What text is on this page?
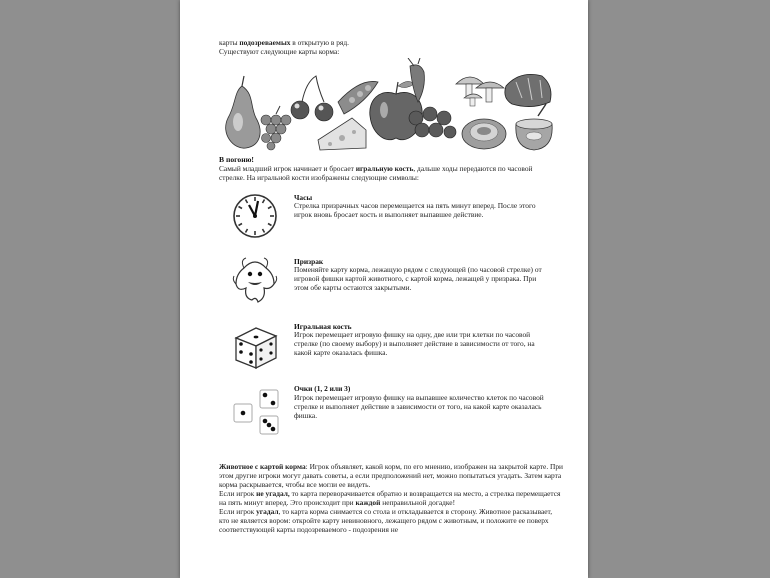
карты подозреваемых в открытую в ряд.
Существуют следующие карты корма:
В погоню!
Самый младший игрок начинает и бросает игральную кость, дальше ходы передаются по часовой стрелке. На игральной кости изображены следующие символы:
Часы
Стрелка призрачных часов перемещается на пять минут вперед. После этого игрок вновь бросает кость и выполняет выпавшее действие.
Призрак
Поменяйте карту корма, лежащую рядом с следующей (по часовой стрелке) от игровой фишки картой животного, с картой корма, лежащей у призрака. При этом обе карты остаются закрытыми.
Игральная кость
Игрок перемещает игровую фишку на одну, две или три клетки по часовой стрелке (по своему выбору) и выполняет действие в зависимости от того, на какой карте оказалась фишка.
Очки (1, 2 или 3)
Игрок перемещает игровую фишку на выпавшее количество клеток по часовой стрелке и выполняет действие в зависимости от того, на какой карте оказалась фишка.
Животное с картой корма: Игрок объявляет, какой корм, по его мнению, изображен на закрытой карте. При этом другие игроки могут давать советы, а если предположений нет, можно попытаться угадать. Затем карта корма раскрывается, чтобы все могли ее видеть.
Если игрок не угадал, то карта переворачивается обратно и возвращается на место, а стрелка перемещается на пять минут вперед. Это происходит при каждой неправильной догадке!
Если игрок угадал, то карта корма снимается со стола и откладывается в сторону. Животное расказывает, кто не является вором: откройте карту невиновного, лежащего рядом с животным, и положите ее поверх соответствующей карты подозреваемого - подозрения не
